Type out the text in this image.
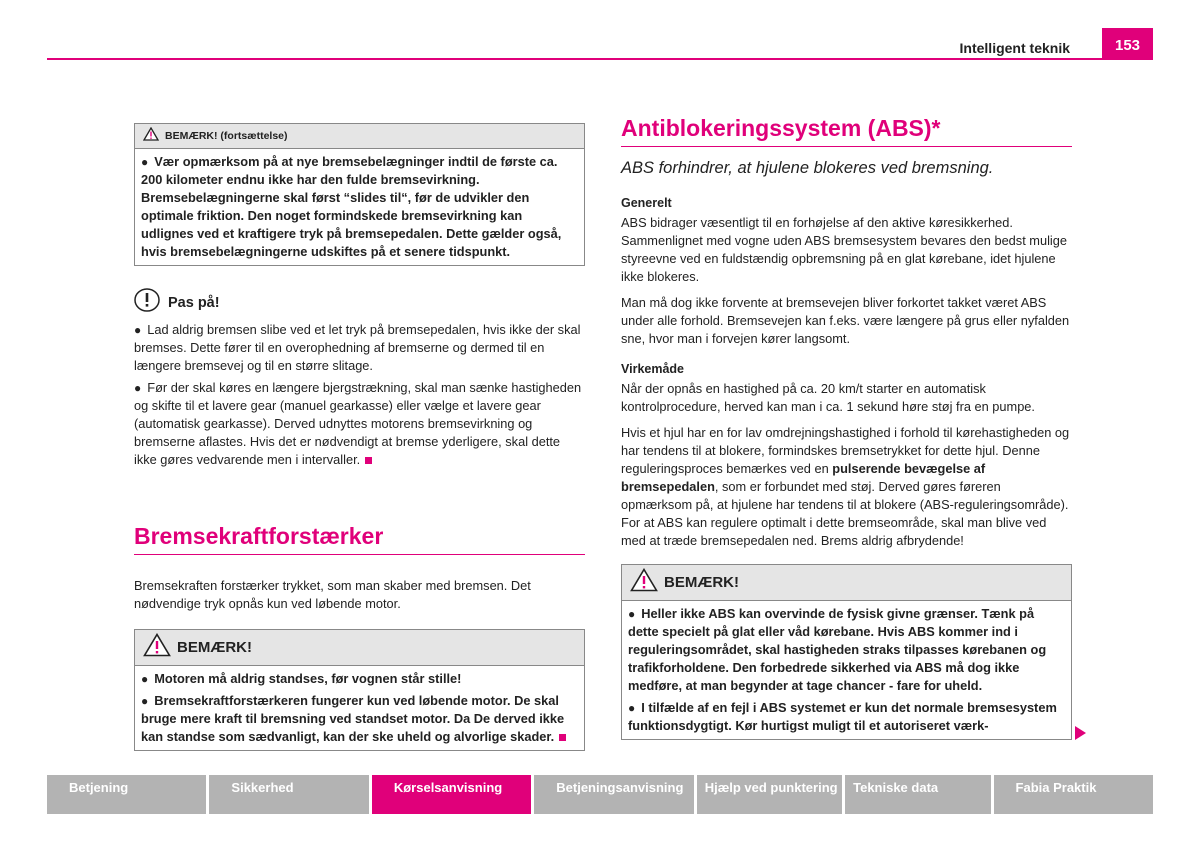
Intelligent teknik	153
BEMÆRK! (fortsættelse)

● Vær opmærksom på at nye bremsebelægninger indtil de første ca. 200 kilometer endnu ikke har den fulde bremsevirkning. Bremsebelægningerne skal først “slides til“, før de udvikler den optimale friktion. Den noget formindskede bremsevirkning kan udlignes ved et kraftigere tryk på bremsepedalen. Dette gælder også, hvis bremsebelægningerne udskiftes på et senere tidspunkt.

Pas på!

● Lad aldrig bremsen slibe ved et let tryk på bremsepedalen, hvis ikke der skal bremses. Dette fører til en overophedning af bremserne og dermed til en længere bremsevej og til en større slitage.

● Før der skal køres en længere bjergstrækning, skal man sænke hastigheden og skifte til et lavere gear (manuel gearkasse) eller vælge et lavere gear (automatisk gearkasse). Derved udnyttes motorens bremsevirkning og bremserne aflastes. Hvis det er nødvendigt at bremse yderligere, skal dette ikke gøres vedvarende men i intervaller.

Bremsekraftforstærker
Bremsekraften forstærker trykket, som man skaber med bremsen. Det nødvendige tryk opnås kun ved løbende motor.
BEMÆRK!

● Motoren må aldrig standses, før vognen står stille!

● Bremsekraftforstærkeren fungerer kun ved løbende motor. De skal bruge mere kraft til bremsning ved standset motor. Da De derved ikke kan standse som sædvanligt, kan der ske uheld og alvorlige skader.

Antiblokeringssystem (ABS)*
ABS forhindrer, at hjulene blokeres ved bremsning.
Generelt
ABS bidrager væsentligt til en forhøjelse af den aktive køresikkerhed. Sammenlignet med vogne uden ABS bremsesystem bevares den bedst mulige styreevne ved en fuldstændig opbremsning på en glat kørebane, idet hjulene ikke blokeres.
Man må dog ikke forvente at bremsevejen bliver forkortet takket været ABS under alle forhold. Bremsevejen kan f.eks. være længere på grus eller nyfalden sne, hvor man i forvejen kører langsomt.
Virkemåde
Når der opnås en hastighed på ca. 20 km/t starter en automatisk kontrolprocedure, herved kan man i ca. 1 sekund høre støj fra en pumpe.
Hvis et hjul har en for lav omdrejningshastighed i forhold til kørehastigheden og har tendens til at blokere, formindskes bremsetrykket for dette hjul. Denne reguleringsproces bemærkes ved en pulserende bevægelse af bremsepedalen, som er forbundet med støj. Derved gøres føreren opmærksom på, at hjulene har tendens til at blokere (ABS-reguleringsområde). For at ABS kan regulere optimalt i dette bremseområde, skal man blive ved med at træde bremsepedalen ned. Brems aldrig afbrydende!
BEMÆRK!

● Heller ikke ABS kan overvinde de fysisk givne grænser. Tænk på dette specielt på glat eller våd kørebane. Hvis ABS kommer ind i reguleringsområdet, skal hastigheden straks tilpasses kørebanen og trafikforholdene. Den forbedrede sikkerhed via ABS må dog ikke medføre, at man begynder at tage chancer - fare for uheld.

● I tilfælde af en fejl i ABS systemet er kun det normale bremsesystem funktionsdygtigt. Kør hurtigst muligt til et autoriseret værk-

Betjening	Sikkerhed	Kørselsanvisning	Betjeningsanvisning	Hjælp ved punktering	Tekniske data	Fabia Praktik
